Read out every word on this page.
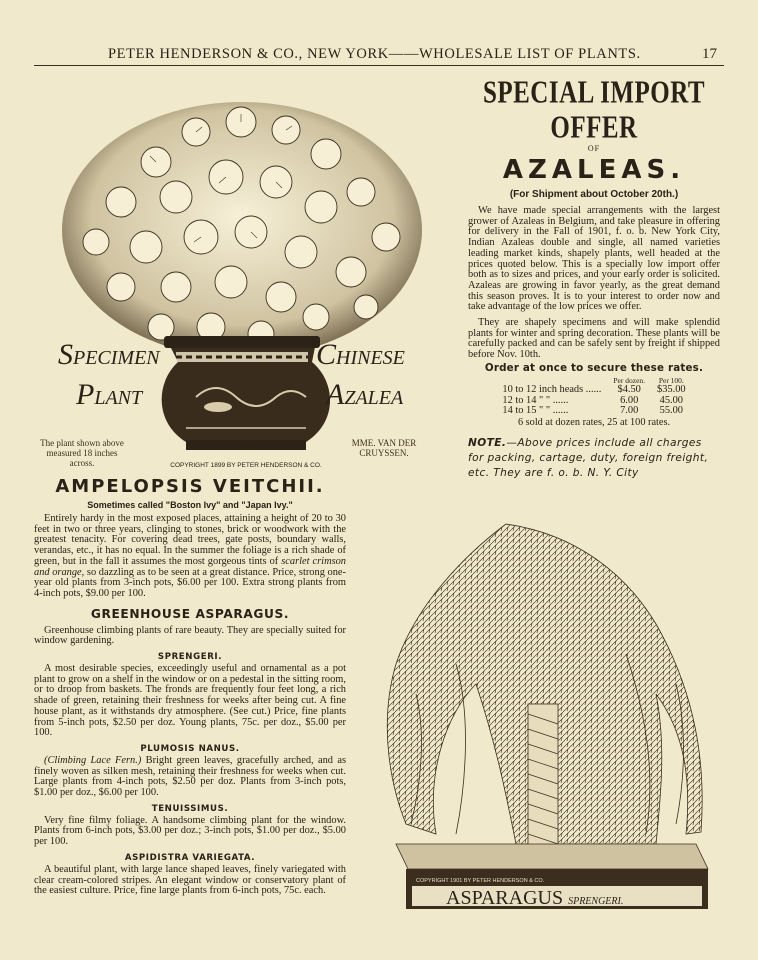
PETER HENDERSON & CO., NEW YORK——WHOLESALE LIST OF PLANTS.	17
SPECIMEN
PLANT
CHINESE
AZALEA
COPYRIGHT 1899 BY PETER HENDERSON & CO.
The plant shown above measured 18 inches across.
MME. VAN DER CRUYSSEN.
SPECIAL IMPORT OFFER
OF
AZALEAS.
(For Shipment about October 20th.)

We have made special arrangements with the largest grower of Azaleas in Belgium, and take pleasure in offering for delivery in the Fall of 1901, f. o. b. New York City, Indian Azaleas double and single, all named varieties leading market kinds, shapely plants, well headed at the prices quoted below. This is a specially low import offer both as to sizes and prices, and your early order is solicited. Azaleas are growing in favor yearly, as the great demand this season proves. It is to your interest to order now and take advantage of the low prices we offer.

They are shapely specimens and will make splendid plants for winter and spring decoration. These plants will be carefully packed and can be safely sent by freight if shipped before Nov. 10th.

Order at once to secure these rates.
	Per dozen.	Per 100.
10 to 12 inch heads ......	$4.50	$35.00
12 to 14 " " ......	6.00	45.00
14 to 15 " " ......	7.00	55.00
6 sold at dozen rates, 25 at 100 rates.

NOTE.—Above prices include all charges for packing, cartage, duty, foreign freight, etc. They are f. o. b. N. Y. City

AMPELOPSIS VEITCHII.
Sometimes called "Boston Ivy" and "Japan Ivy."

Entirely hardy in the most exposed places, attaining a height of 20 to 30 feet in two or three years, clinging to stones, brick or woodwork with the greatest tenacity. For covering dead trees, gate posts, boundary walls, verandas, etc., it has no equal. In the summer the foliage is a rich shade of green, but in the fall it assumes the most gorgeous tints of scarlet crimson and orange, so dazzling as to be seen at a great distance. Price, strong one-year old plants from 3-inch pots, $6.00 per 100. Extra strong plants from 4-inch pots, $9.00 per 100.

GREENHOUSE ASPARAGUS.

Greenhouse climbing plants of rare beauty. They are specially suited for window gardening.

SPRENGERI.

A most desirable species, exceedingly useful and ornamental as a pot plant to grow on a shelf in the window or on a pedestal in the sitting room, or to droop from baskets. The fronds are frequently four feet long, a rich shade of green, retaining their freshness for weeks after being cut. A fine house plant, as it withstands dry atmosphere. (See cut.) Price, fine plants from 5-inch pots, $2.50 per doz. Young plants, 75c. per doz., $5.00 per 100.

PLUMOSIS NANUS.

(Climbing Lace Fern.) Bright green leaves, gracefully arched, and as finely woven as silken mesh, retaining their freshness for weeks when cut. Large plants from 4-inch pots, $2.50 per doz. Plants from 3-inch pots, $1.00 per doz., $6.00 per 100.

TENUISSIMUS.

Very fine filmy foliage. A handsome climbing plant for the window. Plants from 6-inch pots, $3.00 per doz.; 3-inch pots, $1.00 per doz., $5.00 per 100.

ASPIDISTRA VARIEGATA.

A beautiful plant, with large lance shaped leaves, finely variegated with clear cream-colored stripes. An elegant window or conservatory plant of the easiest culture. Price, fine large plants from 6-inch pots, 75c. each.

COPYRIGHT 1901 BY PETER HENDERSON & CO.
ASPARAGUS SPRENGERI.
